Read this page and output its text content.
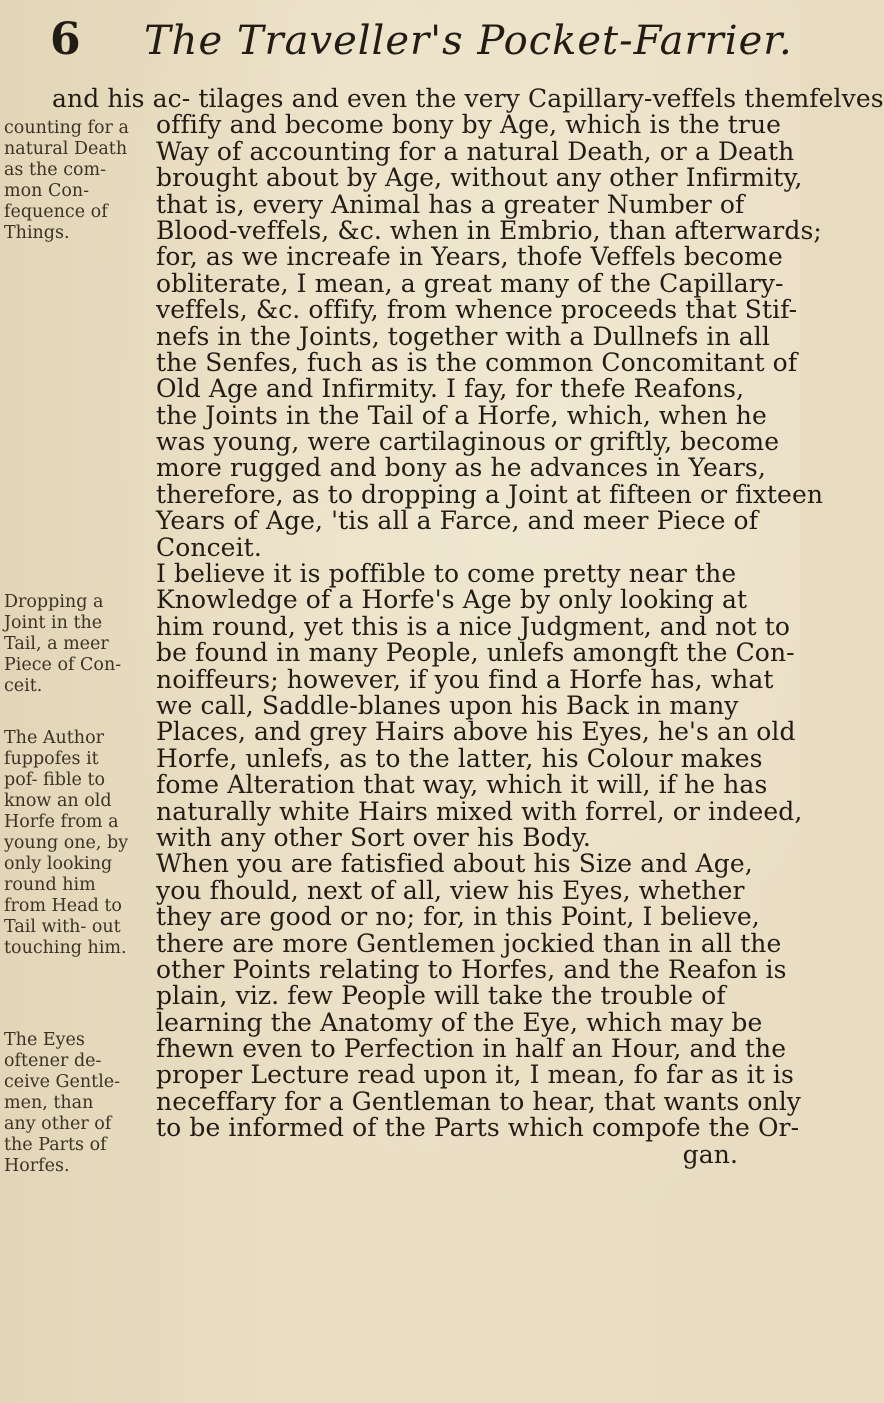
6 The Traveller's Pocket-Farrier.
counting for a natural Death as the com- mon Con- fequence of Things.
Dropping a Joint in the Tail, a meer Piece of Con- ceit.
The Author fuppofes it pof- fible to know an old Horfe from a young one, by only looking round him from Head to Tail with- out touching him.
The Eyes oftener de- ceive Gentle- men, than any other of the Parts of Horfes.
and his ac- tilages and even the very Capillary-veffels themfelves
offify and become bony by Age, which is the true
Way of accounting for a natural Death, or a Death
brought about by Age, without any other Infirmity,
that is, every Animal has a greater Number of
Blood-veffels, &c. when in Embrio, than afterwards;
for, as we increafe in Years, thofe Veffels become
obliterate, I mean, a great many of the Capillary-
veffels, &c. offify, from whence proceeds that Stif-
nefs in the Joints, together with a Dullnefs in all
the Senfes, fuch as is the common Concomitant of
Old Age and Infirmity. I fay, for thefe Reafons,
the Joints in the Tail of a Horfe, which, when he
was young, were cartilaginous or griftly, become
more rugged and bony as he advances in Years,
therefore, as to dropping a Joint at fifteen or fixteen
Years of Age, 'tis all a Farce, and meer Piece of
Conceit.
I believe it is poffible to come pretty near the
Knowledge of a Horfe's Age by only looking at
him round, yet this is a nice Judgment, and not to
be found in many People, unlefs amongft the Con-
noiffeurs; however, if you find a Horfe has, what
we call, Saddle-blanes upon his Back in many
Places, and grey Hairs above his Eyes, he's an old
Horfe, unlefs, as to the latter, his Colour makes
fome Alteration that way, which it will, if he has
naturally white Hairs mixed with forrel, or indeed,
with any other Sort over his Body.
When you are fatisfied about his Size and Age,
you fhould, next of all, view his Eyes, whether
they are good or no; for, in this Point, I believe,
there are more Gentlemen jockied than in all the
other Points relating to Horfes, and the Reafon is
plain, viz. few People will take the trouble of
learning the Anatomy of the Eye, which may be
fhewn even to Perfection in half an Hour, and the
proper Lecture read upon it, I mean, fo far as it is
neceffary for a Gentleman to hear, that wants only
to be informed of the Parts which compofe the Or-
gan.
